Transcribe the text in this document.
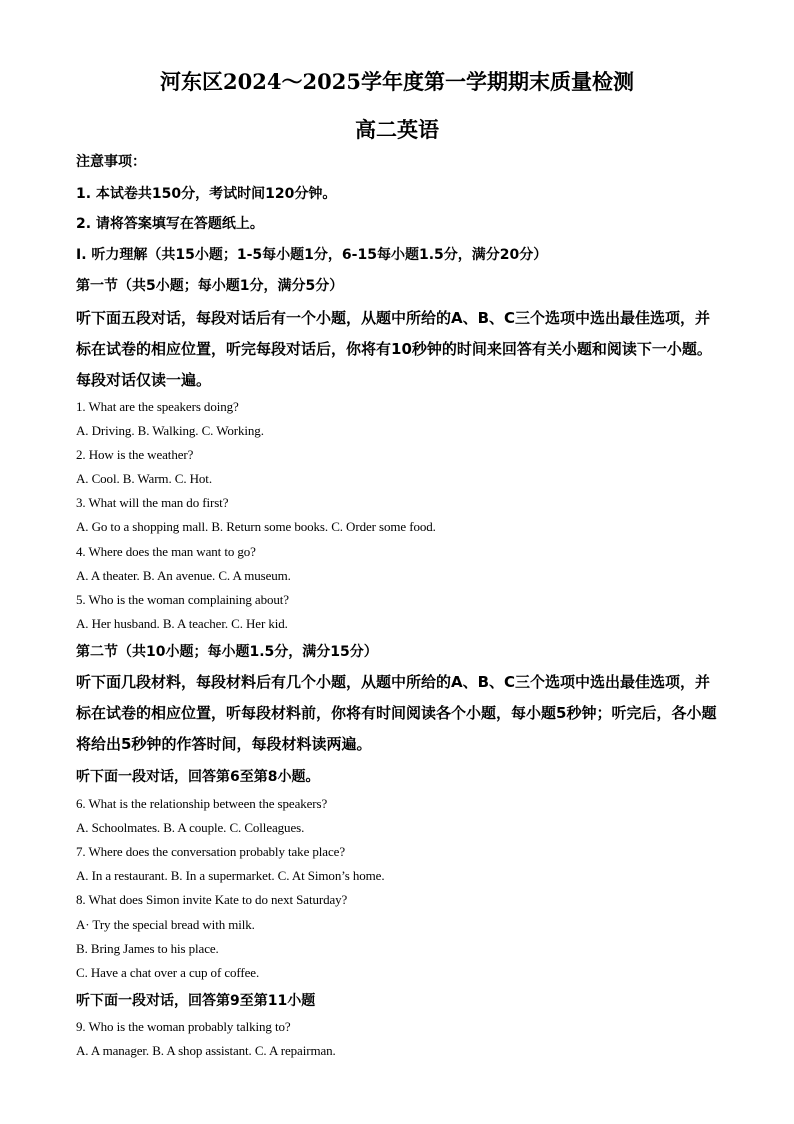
河东区2024～2025学年度第一学期期末质量检测
高二英语
注意事项：
1. 本试卷共150分，考试时间120分钟。
2. 请将答案填写在答题纸上。
Ⅰ. 听力理解（共15小题；1-5每小题1分，6-15每小题1.5分，满分20分）
第一节（共5小题；每小题1分，满分5分）
听下面五段对话，每段对话后有一个小题，从题中所给的A、B、C三个选项中选出最佳选项，并标在试卷的相应位置，听完每段对话后，你将有10秒钟的时间来回答有关小题和阅读下一小题。每段对话仅读一遍。
1. What are the speakers doing?
A. Driving. B. Walking. C. Working.
2. How is the weather?
A. Cool. B. Warm. C. Hot.
3. What will the man do first?
A. Go to a shopping mall. B. Return some books. C. Order some food.
4. Where does the man want to go?
A. A theater. B. An avenue. C. A museum.
5. Who is the woman complaining about?
A. Her husband. B. A teacher. C. Her kid.
第二节（共10小题；每小题1.5分，满分15分）
听下面几段材料，每段材料后有几个小题，从题中所给的A、B、C三个选项中选出最佳选项，并标在试卷的相应位置，听每段材料前，你将有时间阅读各个小题，每小题5秒钟；听完后，各小题将给出5秒钟的作答时间，每段材料读两遍。
听下面一段对话，回答第6至第8小题。
6. What is the relationship between the speakers?
A. Schoolmates. B. A couple. C. Colleagues.
7. Where does the conversation probably take place?
A. In a restaurant. B. In a supermarket. C. At Simon’s home.
8. What does Simon invite Kate to do next Saturday?
A· Try the special bread with milk.
B. Bring James to his place.
C. Have a chat over a cup of coffee.
听下面一段对话，回答第9至第11小题
9. Who is the woman probably talking to?
A. A manager. B. A shop assistant. C. A repairman.
